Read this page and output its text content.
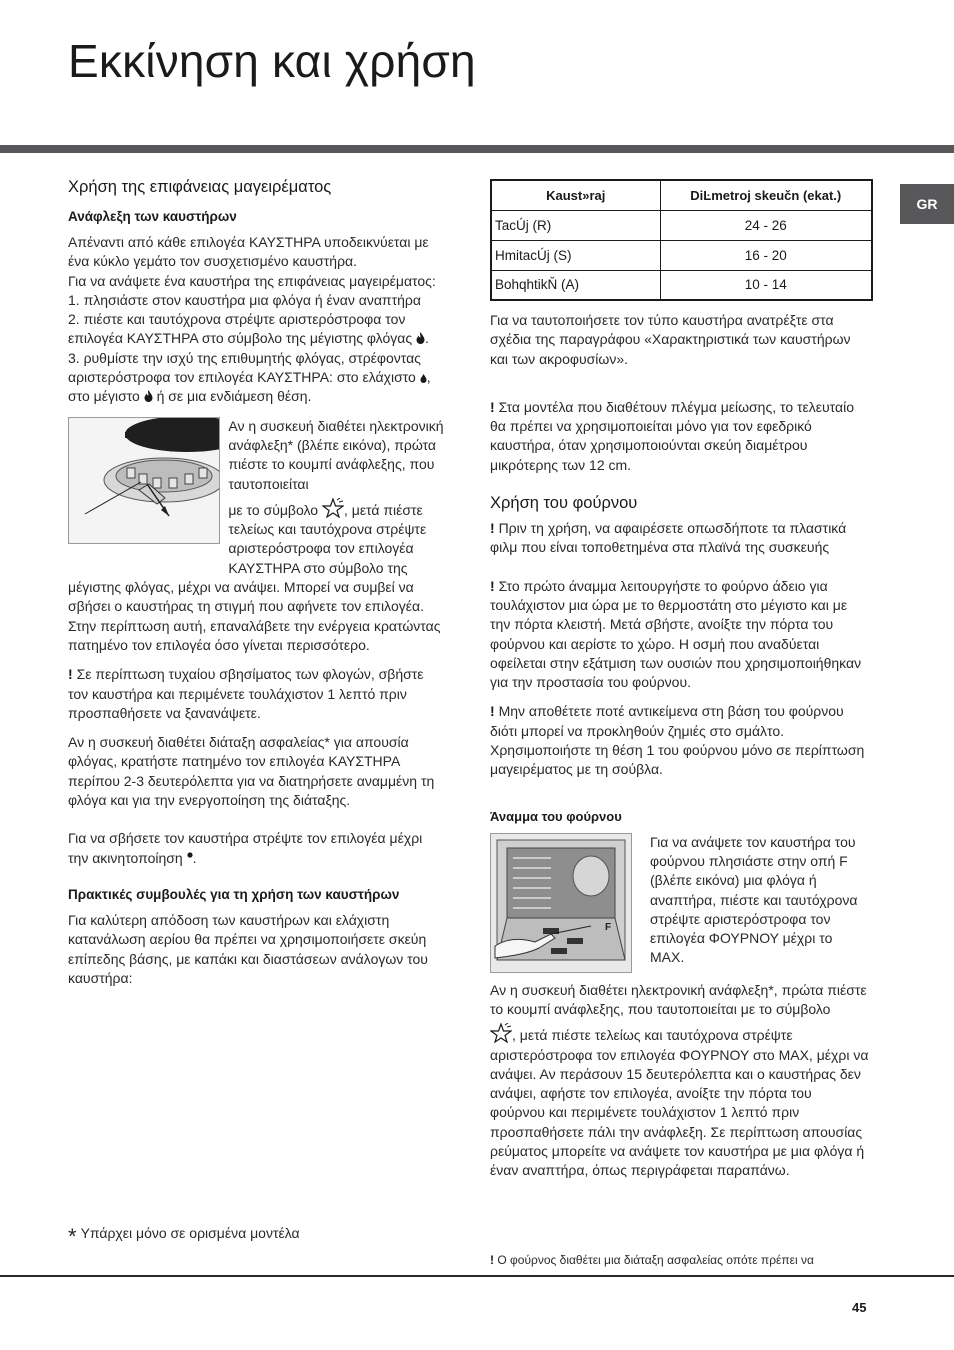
Εκκίνηση και χρήση
GR
Χρήση της επιφάνειας μαγειρέματος
Ανάφλεξη των καυστήρων

Απέναντι από κάθε επιλογέα ΚΑΥΣΤΗΡΑ υποδεικνύεται με ένα κύκλο γεμάτο τον συσχετισμένο καυστήρα.

Για να ανάψετε ένα καυστήρα της επιφάνειας μαγειρέματος:

1. πλησιάστε στον καυστήρα μια φλόγα ή έναν αναπτήρα

2. πιέστε και ταυτόχρονα στρέψτε αριστερόστροφα τον επιλογέα ΚΑΥΣΤΗΡΑ στο σύμβολο της μέγιστης φλόγας .

3. ρυθμίστε την ισχύ της επιθυμητής φλόγας, στρέφοντας αριστερόστροφα τον επιλογέα ΚΑΥΣΤΗΡΑ: στο ελάχιστο , στο μέγιστο ή σε μια ενδιάμεση θέση.

Αν η συσκευή διαθέτει ηλεκτρονική ανάφλεξη* (βλέπε εικόνα), πρώτα πιέστε το κουμπί ανάφλεξης, που ταυτοποιείται

με το σύμβολο , μετά πιέστε τελείως και ταυτόχρονα στρέψτε αριστερόστροφα τον επιλογέα ΚΑΥΣΤΗΡΑ στο σύμβολο της

μέγιστης φλόγας, μέχρι να ανάψει. Μπορεί να συμβεί να σβήσει ο καυστήρας τη στιγμή που αφήνετε τον επιλογέα. Στην περίπτωση αυτή, επαναλάβετε την ενέργεια κρατώντας πατημένο τον επιλογέα όσο γίνεται περισσότερο.

! Σε περίπτωση τυχαίου σβησίματος των φλογών, σβήστε τον καυστήρα και περιμένετε τουλάχιστον 1 λεπτό πριν προσπαθήσετε να ξανανάψετε.

Αν η συσκευή διαθέτει διάταξη ασφαλείας* για απουσία φλόγας, κρατήστε πατημένο τον επιλογέα ΚΑΥΣΤΗΡΑ περίπου 2-3 δευτερόλεπτα για να διατηρήσετε αναμμένη τη φλόγα και για την ενεργοποίηση της διάταξης.

Για να σβήσετε τον καυστήρα στρέψτε τον επιλογέα μέχρι την ακινητοποίηση .

Πρακτικές συμβουλές για τη χρήση των καυστήρων

Για καλύτερη απόδοση των καυστήρων και ελάχιστη κατανάλωση αερίου θα πρέπει να χρησιμοποιήσετε σκεύη επίπεδης βάσης, με καπάκι και διαστάσεων ανάλογων του καυστήρα:

Kaust»raj	DiĿmetroj skeučn (ekat.)
TacÚj (R)	24 - 26
HmitacÚj (S)	16 - 20
BohqhtikŇ (A)	10 - 14

Για να ταυτοποιήσετε τον τύπο καυστήρα ανατρέξτε στα σχέδια της παραγράφου «Χαρακτηριστικά των καυστήρων και των ακροφυσίων».

! Στα μοντέλα που διαθέτουν πλέγμα μείωσης, το τελευταίο θα πρέπει να χρησιμοποιείται μόνο για τον εφεδρικό καυστήρα, όταν χρησιμοποιούνται σκεύη διαμέτρου μικρότερης των 12 cm.

Χρήση του φούρνου

! Πριν τη χρήση, να αφαιρέσετε οπωσδήποτε τα πλαστικά φιλμ που είναι τοποθετημένα στα πλαϊνά της συσκευής

! Στο πρώτο άναμμα λειτουργήστε το φούρνο άδειο για τουλάχιστον μια ώρα με το θερμοστάτη στο μέγιστο και με την πόρτα κλειστή. Μετά σβήστε, ανοίξτε την πόρτα του φούρνου και αερίστε το χώρο. Η οσμή που αναδύεται οφείλεται στην εξάτμιση των ουσιών που χρησιμοποιήθηκαν για την προστασία του φούρνου.

! Μην αποθέτετε ποτέ αντικείμενα στη βάση του φούρνου διότι μπορεί να προκληθούν ζημιές στο σμάλτο. Χρησιμοποιήστε τη θέση 1 του φούρνου μόνο σε περίπτωση μαγειρέματος με τη σούβλα.

Άναμμα του φούρνου
F

Για να ανάψετε τον καυστήρα του φούρνου πλησιάστε στην οπή F (βλέπε εικόνα) μια φλόγα ή αναπτήρα, πιέστε και ταυτόχρονα στρέψτε αριστερόστροφα τον επιλογέα ΦΟΥΡΝΟΥ μέχρι το MAX.

Αν η συσκευή διαθέτει ηλεκτρονική ανάφλεξη*, πρώτα πιέστε το κουμπί ανάφλεξης, που ταυτοποιείται με το σύμβολο

, μετά πιέστε τελείως και ταυτόχρονα στρέψτε αριστερόστροφα τον επιλογέα ΦΟΥΡΝΟΥ στο MAX, μέχρι να ανάψει. Αν περάσουν 15 δευτερόλεπτα και ο καυστήρας δεν ανάψει, αφήστε τον επιλογέα, ανοίξτε την πόρτα του φούρνου και περιμένετε τουλάχιστον 1 λεπτό πριν προσπαθήσετε πάλι την ανάφλεξη. Σε περίπτωση απουσίας ρεύματος μπορείτε να ανάψετε τον καυστήρα με μια φλόγα ή έναν αναπτήρα, όπως περιγράφεται παραπάνω.

* Υπάρχει μόνο σε ορισμένα μοντέλα
! Ο φούρνος διαθέτει μια διάταξη ασφαλείας οπότε πρέπει να
45
